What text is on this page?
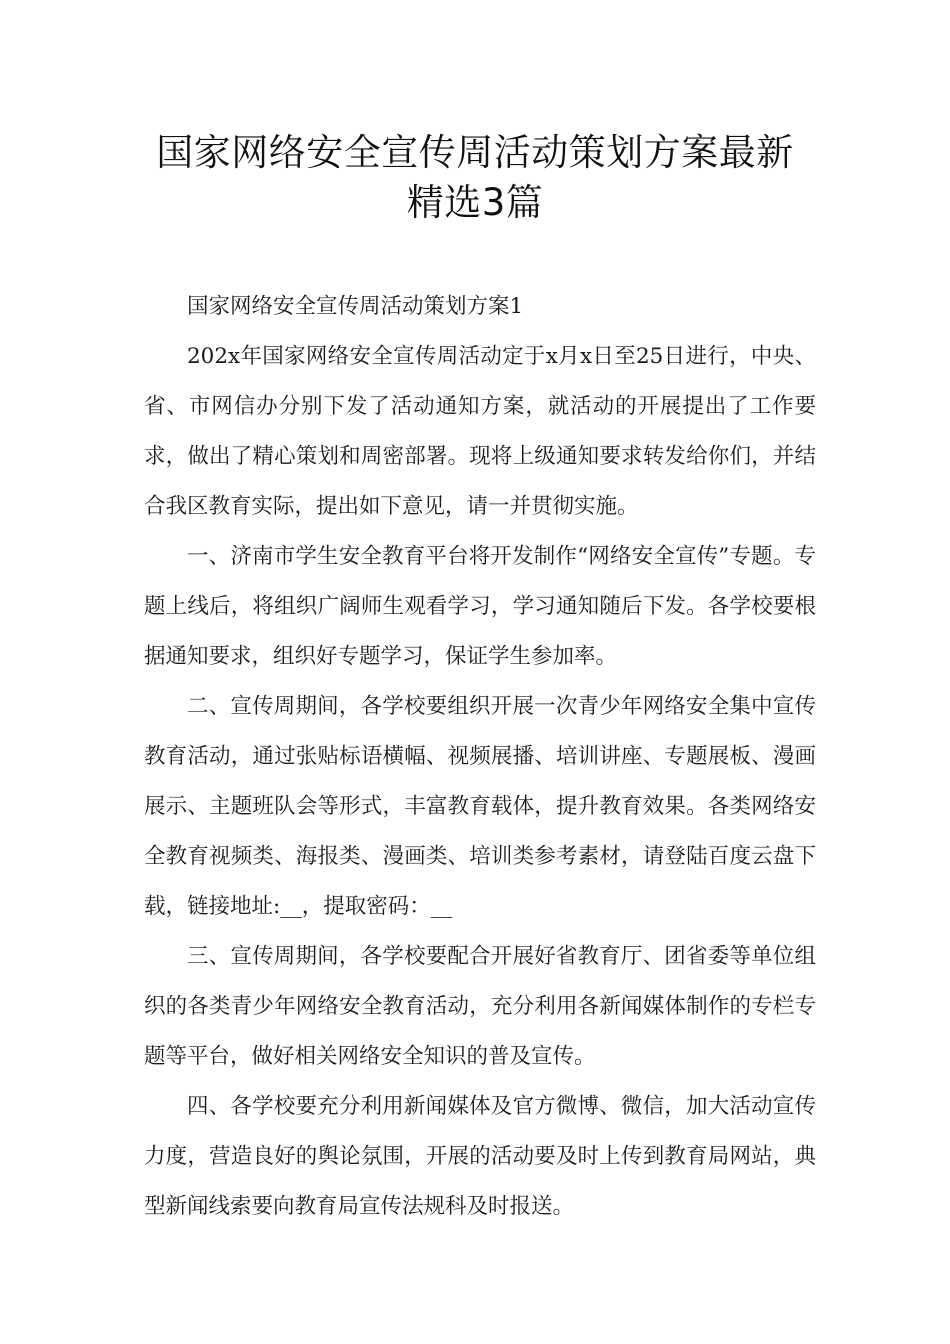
国家网络安全宣传周活动策划方案最新
精选3篇

国家网络安全宣传周活动策划方案1

202x年国家网络安全宣传周活动定于x月x日至25日进行，中央、省、市网信办分别下发了活动通知方案，就活动的开展提出了工作要求，做出了精心策划和周密部署。现将上级通知要求转发给你们，并结合我区教育实际，提出如下意见，请一并贯彻实施。

一、济南市学生安全教育平台将开发制作“网络安全宣传”专题。专题上线后，将组织广阔师生观看学习，学习通知随后下发。各学校要根据通知要求，组织好专题学习，保证学生参加率。

二、宣传周期间，各学校要组织开展一次青少年网络安全集中宣传教育活动，通过张贴标语横幅、视频展播、培训讲座、专题展板、漫画展示、主题班队会等形式，丰富教育载体，提升教育效果。各类网络安全教育视频类、海报类、漫画类、培训类参考素材，请登陆百度云盘下载，链接地址:__，提取密码：__

三、宣传周期间，各学校要配合开展好省教育厅、团省委等单位组织的各类青少年网络安全教育活动，充分利用各新闻媒体制作的专栏专题等平台，做好相关网络安全知识的普及宣传。

四、各学校要充分利用新闻媒体及官方微博、微信，加大活动宣传力度，营造良好的舆论氛围，开展的活动要及时上传到教育局网站，典型新闻线索要向教育局宣传法规科及时报送。
